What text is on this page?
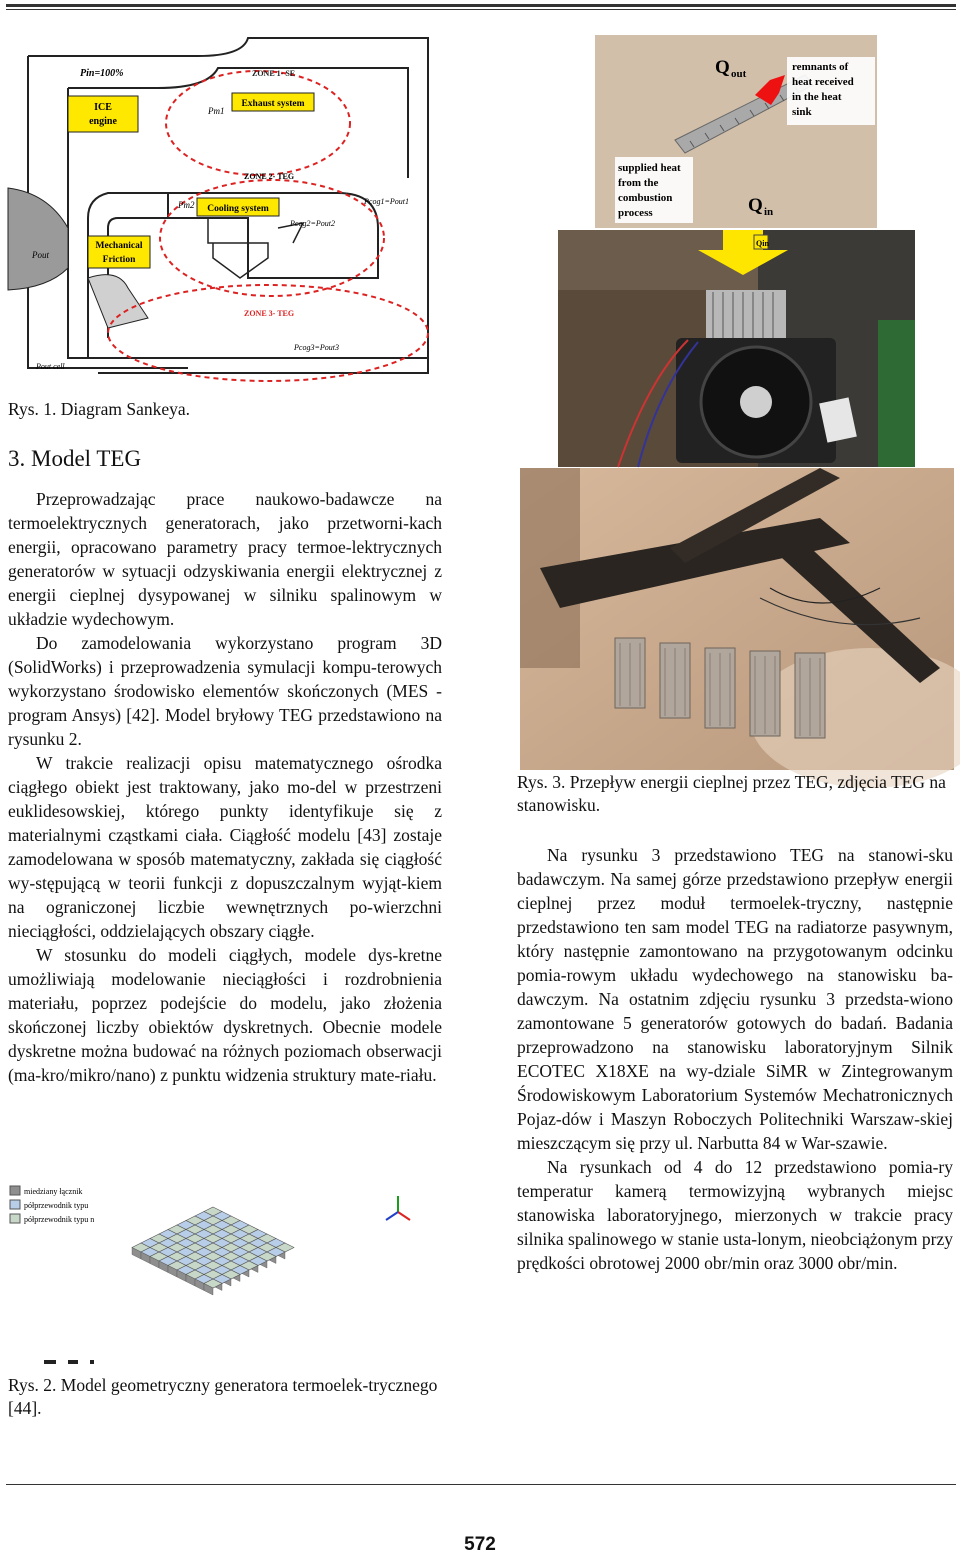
ICE
engine
Exhaust system
Cooling system
Mechanical
Friction
Pin=100%	ZONE 1- SE
Pm1
ZONE 2- TEG
Pm2	Pcog1=Pout1
Pcog2=Pout2
Pout
ZONE 3- TEG
Pcog3=Pout3
Pout cell
Rys. 1. Diagram Sankeya.
3. Model TEG

Przeprowadzając prace naukowo-badawcze na termoelektrycznych generatorach, jako przetworni-kach energii, opracowano parametry pracy termoe-lektrycznych generatorów w sytuacji odzyskiwania energii elektrycznej z energii cieplnej dysypowanej w silniku spalinowym w układzie wydechowym.

Do zamodelowania wykorzystano program 3D (SolidWorks) i przeprowadzenia symulacji kompu-terowych wykorzystano środowisko elementów skończonych (MES - program Ansys) [42]. Model bryłowy TEG przedstawiono na rysunku 2.

W trakcie realizacji opisu matematycznego ośrodka ciągłego obiekt jest traktowany, jako mo-del w przestrzeni euklidesowskiej, którego punkty identyfikuje się z materialnymi cząstkami ciała. Ciągłość modelu [43] zostaje zamodelowana w sposób matematyczny, zakłada się ciągłość wy-stępującą w teorii funkcji z dopuszczalnym wyjąt-kiem na ograniczonej liczbie wewnętrznych po-wierzchni nieciągłości, oddzielających obszary ciągłe.

W stosunku do modeli ciągłych, modele dys-kretne umożliwiają modelowanie nieciągłości i rozdrobnienia materiału, poprzez podejście do modelu, jako złożenia skończonej liczby obiektów dyskretnych. Obecnie modele dyskretne można budować na różnych poziomach obserwacji (ma-kro/mikro/nano) z punktu widzenia struktury mate-riału.

miedziany łącznik
półprzewodnik typu
półprzewodnik typu n
Rys. 2. Model geometryczny generatora termoelek-trycznego [44].
Q out
remnants of
heat received
in the heat
sink
supplied heat
from the
combustion
process	Q in
Qin
Rys. 3. Przepływ energii cieplnej przez TEG, zdjęcia TEG na stanowisku.

Na rysunku 3 przedstawiono TEG na stanowi-sku badawczym. Na samej górze przedstawiono przepływ energii cieplnej przez moduł termoelek-tryczny, następnie przedstawiono ten sam model TEG na radiatorze pasywnym, który następnie zamontowano na przygotowanym odcinku pomia-rowym układu wydechowego na stanowisku ba-dawczym. Na ostatnim zdjęciu rysunku 3 przedsta-wiono zamontowane 5 generatorów gotowych do badań. Badania przeprowadzono na stanowisku laboratoryjnym Silnik ECOTEC X18XE na wy-dziale SiMR w Zintegrowanym Środowiskowym Laboratorium Systemów Mechatronicznych Pojaz-dów i Maszyn Roboczych Politechniki Warszaw-skiej mieszczącym się przy ul. Narbutta 84 w War-szawie.

Na rysunkach od 4 do 12 przedstawiono pomia-ry temperatur kamerą termowizyjną wybranych miejsc stanowiska laboratoryjnego, mierzonych w trakcie pracy silnika spalinowego w stanie usta-lonym, nieobciążonym przy prędkości obrotowej 2000 obr/min oraz 3000 obr/min.

572
